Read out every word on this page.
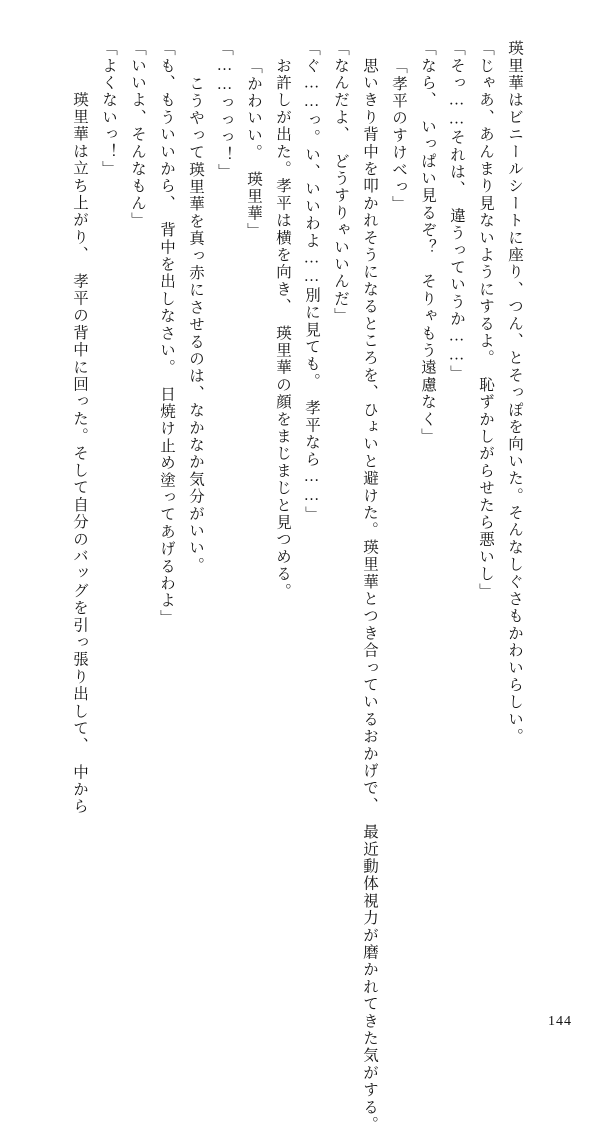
　瑛里華は立ち上がり、　孝平の背中に回った。そして自分のバッグを引っ張り出して、　中から 「よくないっ！」 「いいよ、そんなもん」 「も、もういいから、　背中を出しなさい。　日焼け止め塗ってあげるわよ」 　こうやって瑛里華を真っ赤にさせるのは、なかなか気分がいい。 「……っっっ！」 「かわいい。　瑛里華」 　お許しが出た。孝平は横を向き、　瑛里華の顔をまじまじと見つめる。 「ぐ……っ。い、いいわよ……別に見ても。　孝平なら……」 「なんだよ、　どうすりゃいいんだ」 　思いきり背中を叩かれそうになるところを、ひょいと避けた。瑛里華とつき合っているおかげで、　最近動体視力が磨かれてきた気がする。 「孝平のすけべっ」 「なら、　いっぱい見るぞ？　そりゃもう遠慮なく」 「そっ……それは、　違うっていうか……」 「じゃあ、あんまり見ないようにするよ。　恥ずかしがらせたら悪いし」 瑛里華はビニールシートに座り、つん、とそっぽを向いた。そんなしぐさもかわいらしい。
144
